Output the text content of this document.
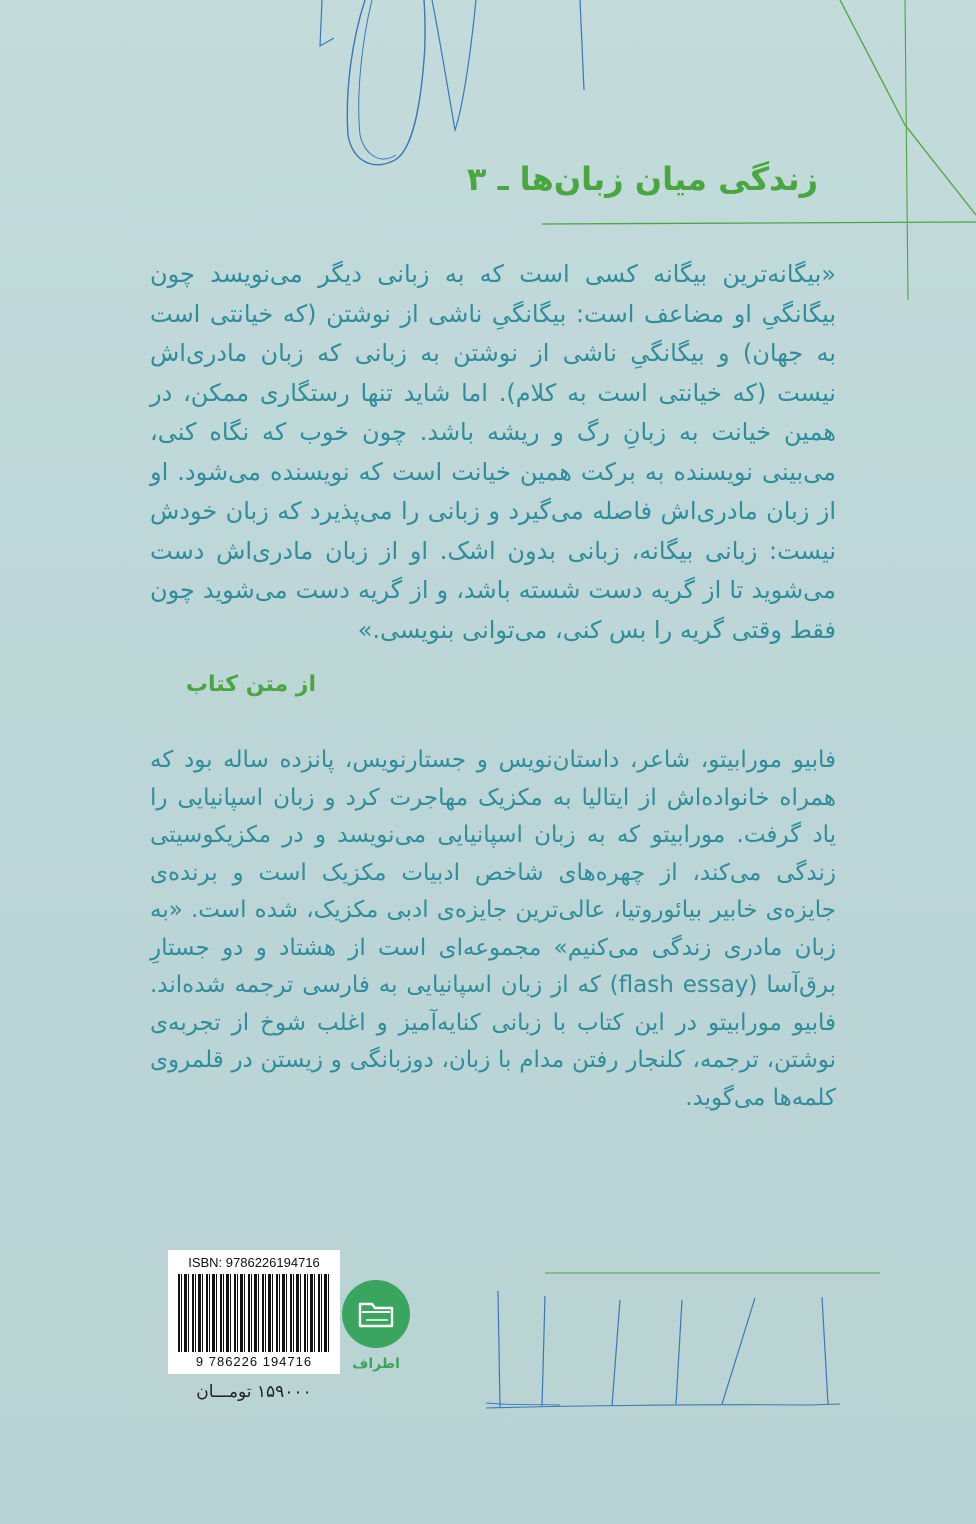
زندگی میان زبان‌ها ـ ۳
«بیگانه‌ترین بیگانه کسی است که به زبانی دیگر می‌نویسد چون بیگانگیِ او مضاعف است: بیگانگیِ ناشی از نوشتن (که خیانتی است به جهان) و بیگانگیِ ناشی از نوشتن به زبانی که زبان مادری‌اش نیست (که خیانتی است به کلام). اما شاید تنها رستگاری ممکن، در همین خیانت به زبانِ رگ و ریشه باشد. چون خوب که نگاه کنی، می‌بینی نویسنده به برکت همین خیانت است که نویسنده می‌شود. او از زبان مادری‌اش فاصله می‌گیرد و زبانی را می‌پذیرد که زبان خودش نیست: زبانی بیگانه، زبانی بدون اشک. او از زبان مادری‌اش دست می‌شوید تا از گریه دست شسته باشد، و از گریه دست می‌شوید چون فقط وقتی گریه را بس کنی، می‌توانی بنویسی.»
از متن کتاب
فابیو مورابیتو، شاعر، داستان‌نویس و جستارنویس، پانزده ساله بود که همراه خانواده‌اش از ایتالیا به مکزیک مهاجرت کرد و زبان اسپانیایی را یاد گرفت. مورابیتو که به زبان اسپانیایی می‌نویسد و در مکزیکوسیتی زندگی می‌کند، از چهره‌های شاخص ادبیات مکزیک است و برنده‌ی جایزه‌ی خابیر بیائوروتیا، عالی‌ترین جایزه‌ی ادبی مکزیک، شده است. «به زبان مادری زندگی می‌کنیم» مجموعه‌ای است از هشتاد و دو جستارِ برق‌آسا (flash essay) که از زبان اسپانیایی به فارسی ترجمه شده‌اند. فابیو مورابیتو در این کتاب با زبانی کنایه‌آمیز و اغلب شوخ از تجربه‌ی نوشتن، ترجمه، کلنجار رفتن مدام با زبان، دوزبانگی و زیستن در قلمروی کلمه‌ها می‌گوید.
ISBN: 9786226194716
9 786226 194716
۱۵۹۰۰۰ تومـــان
اطراف
